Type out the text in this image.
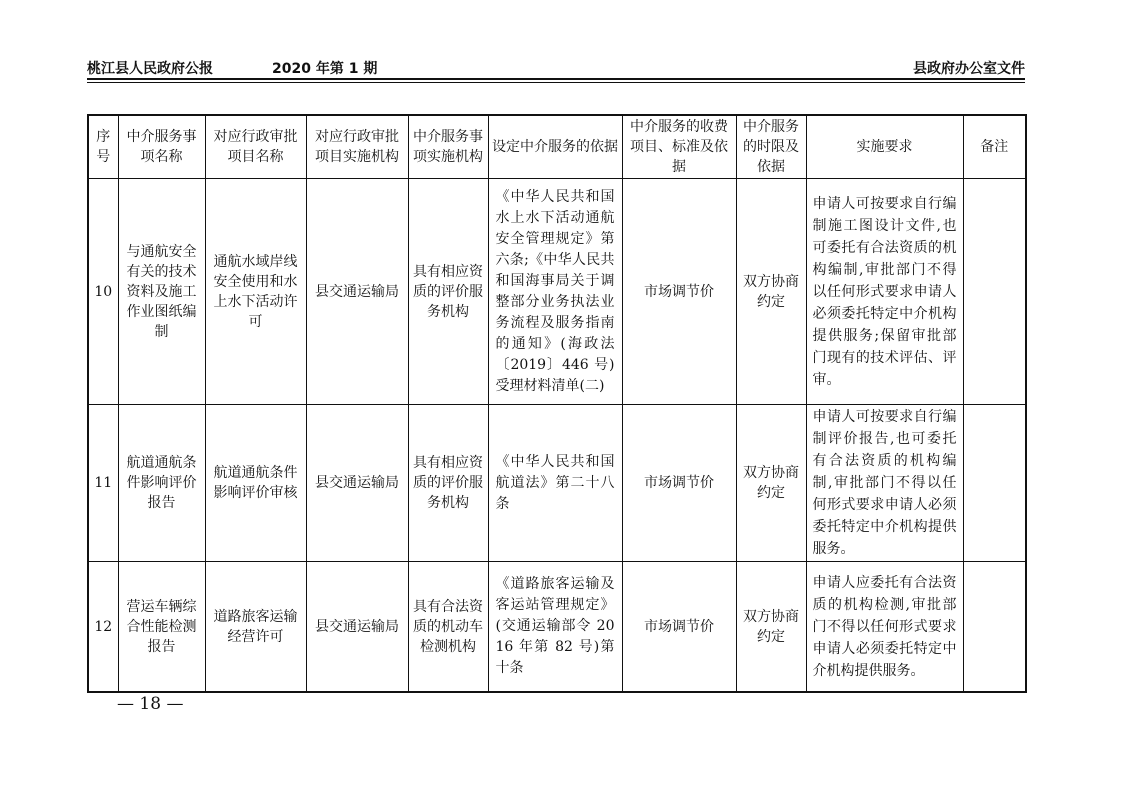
桃江县人民政府公报	2020 年第 1 期	县政府办公室文件
序号	中介服务事项名称	对应行政审批项目名称	对应行政审批项目实施机构	中介服务事项实施机构	设定中介服务的依据	中介服务的收费项目、标准及依据	中介服务的时限及依据	实施要求	备注
10	与通航安全有关的技术资料及施工作业图纸编制	通航水域岸线安全使用和水上水下活动许可	县交通运输局	具有相应资质的评价服务机构	《中华人民共和国水上水下活动通航安全管理规定》第六条;《中华人民共和国海事局关于调整部分业务执法业务流程及服务指南的通知》(海政法〔2019〕446 号)受理材料清单(二)	市场调节价	双方协商约定	申请人可按要求自行编制施工图设计文件,也可委托有合法资质的机构编制,审批部门不得以任何形式要求申请人必须委托特定中介机构提供服务;保留审批部门现有的技术评估、评审。	
11	航道通航条件影响评价报告	航道通航条件影响评价审核	县交通运输局	具有相应资质的评价服务机构	《中华人民共和国航道法》第二十八条	市场调节价	双方协商约定	申请人可按要求自行编制评价报告,也可委托有合法资质的机构编制,审批部门不得以任何形式要求申请人必须委托特定中介机构提供服务。	
12	营运车辆综合性能检测报告	道路旅客运输经营许可	县交通运输局	具有合法资质的机动车检测机构	《道路旅客运输及客运站管理规定》(交通运输部令 2016 年第 82 号)第十条	市场调节价	双方协商约定	申请人应委托有合法资质的机构检测,审批部门不得以任何形式要求申请人必须委托特定中介机构提供服务。	
— 18 —
